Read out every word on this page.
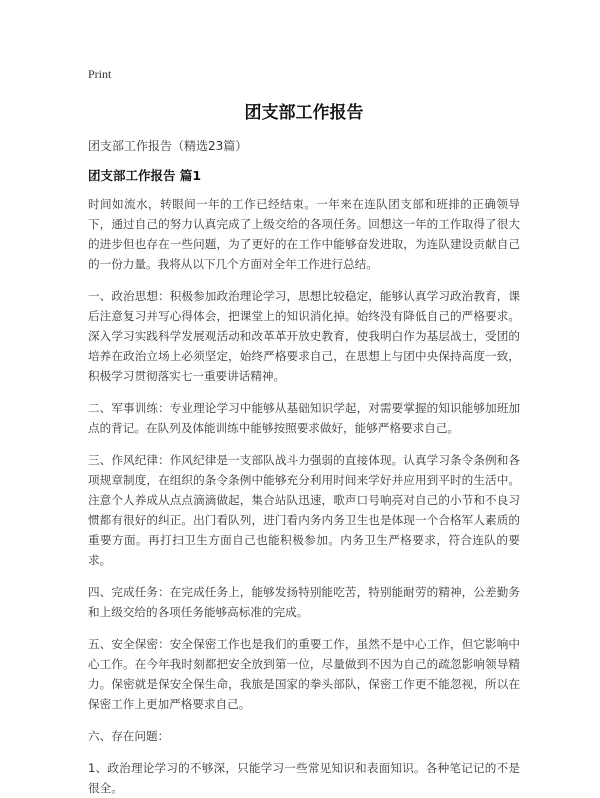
Print
团支部工作报告
团支部工作报告（精选23篇）
团支部工作报告 篇1

时间如流水，转眼间一年的工作已经结束。一年来在连队团支部和班排的正确领导下，通过自己的努力认真完成了上级交给的各项任务。回想这一年的工作取得了很大的进步但也存在一些问题，为了更好的在工作中能够奋发进取，为连队建设贡献自己的一份力量。我将从以下几个方面对全年工作进行总结。

一、政治思想：积极参加政治理论学习，思想比较稳定，能够认真学习政治教育，课后注意复习并写心得体会，把课堂上的知识消化掉。始终没有降低自己的严格要求。深入学习实践科学发展观活动和改革革开放史教育，使我明白作为基层战士，受团的培养在政治立场上必须坚定，始终严格要求自己，在思想上与团中央保持高度一致，积极学习贯彻落实七一重要讲话精神。

二、军事训练：专业理论学习中能够从基础知识学起，对需要掌握的知识能够加班加点的背记。在队列及体能训练中能够按照要求做好，能够严格要求自己。

三、作风纪律：作风纪律是一支部队战斗力强弱的直接体现。认真学习条令条例和各项规章制度，在组织的条令条例中能够充分利用时间来学好并应用到平时的生活中。注意个人养成从点点滴滴做起，集合站队迅速，歌声口号响亮对自己的小节和不良习惯都有很好的纠正。出门看队列，进门看内务内务卫生也是体现一个合格军人素质的重要方面。再打扫卫生方面自己也能积极参加。内务卫生严格要求，符合连队的要求。

四、完成任务：在完成任务上，能够发扬特别能吃苦，特别能耐劳的精神，公差勤务和上级交给的各项任务能够高标准的完成。

五、安全保密：安全保密工作也是我们的重要工作，虽然不是中心工作，但它影响中心工作。在今年我时刻都把安全放到第一位，尽量做到不因为自己的疏忽影响领导精力。保密就是保安全保生命，我旅是国家的拳头部队，保密工作更不能忽视，所以在保密工作上更加严格要求自己。

六、存在问题：

1、政治理论学习的不够深，只能学习一些常见知识和表面知识。各种笔记记的不是很全。
